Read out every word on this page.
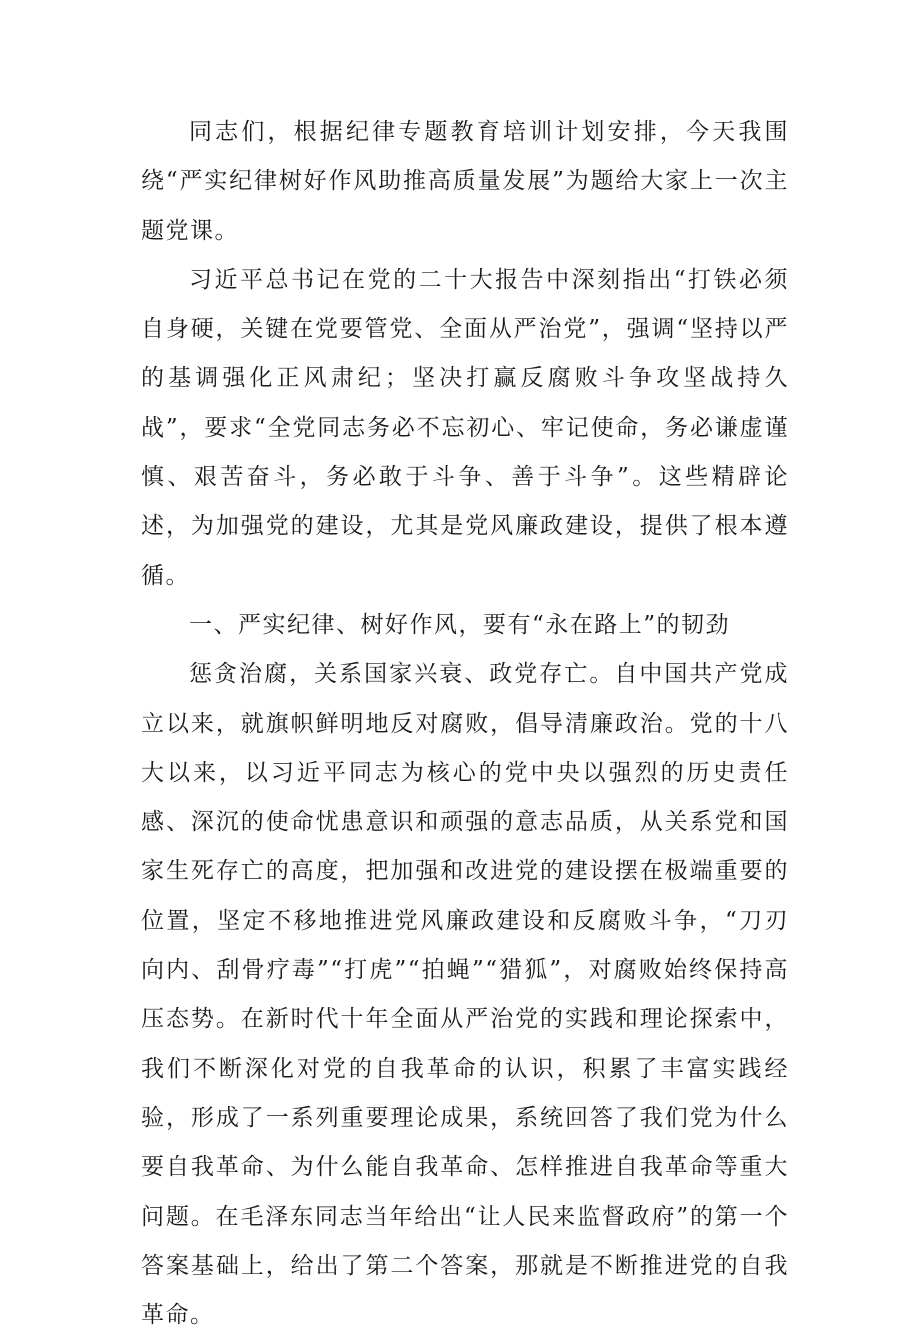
同志们，根据纪律专题教育培训计划安排，今天我围绕“严实纪律树好作风助推高质量发展”为题给大家上一次主题党课。

习近平总书记在党的二十大报告中深刻指出“打铁必须自身硬，关键在党要管党、全面从严治党”，强调“坚持以严的基调强化正风肃纪；坚决打赢反腐败斗争攻坚战持久战”，要求“全党同志务必不忘初心、牢记使命，务必谦虚谨慎、艰苦奋斗，务必敢于斗争、善于斗争”。这些精辟论述，为加强党的建设，尤其是党风廉政建设，提供了根本遵循。

一、严实纪律、树好作风，要有“永在路上”的韧劲

惩贪治腐，关系国家兴衰、政党存亡。自中国共产党成立以来，就旗帜鲜明地反对腐败，倡导清廉政治。党的十八大以来，以习近平同志为核心的党中央以强烈的历史责任感、深沉的使命忧患意识和顽强的意志品质，从关系党和国家生死存亡的高度，把加强和改进党的建设摆在极端重要的位置，坚定不移地推进党风廉政建设和反腐败斗争，“刀刃向内、刮骨疗毒”“打虎”“拍蝇”“猎狐”，对腐败始终保持高压态势。在新时代十年全面从严治党的实践和理论探索中，我们不断深化对党的自我革命的认识，积累了丰富实践经验，形成了一系列重要理论成果，系统回答了我们党为什么要自我革命、为什么能自我革命、怎样推进自我革命等重大问题。在毛泽东同志当年给出“让人民来监督政府”的第一个答案基础上，给出了第二个答案，那就是不断推进党的自我革命。
